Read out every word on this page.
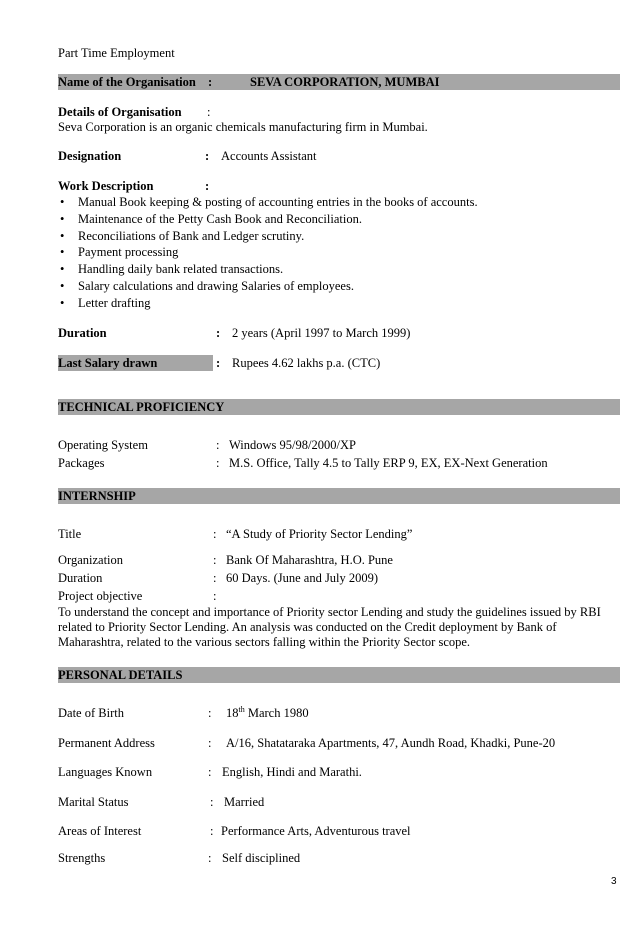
Part Time Employment
Name of the Organisation :	SEVA CORPORATION, MUMBAI
Details of Organisation :
Seva Corporation is an organic chemicals manufacturing firm in Mumbai.
Designation	: Accounts Assistant
Work Description	:
• Manual Book keeping & posting of accounting entries in the books of accounts.
• Maintenance of the Petty Cash Book and Reconciliation.
• Reconciliations of Bank and Ledger scrutiny.
• Payment processing
• Handling daily bank related transactions.
• Salary calculations and drawing Salaries of employees.
• Letter drafting
Duration	: 2 years (April 1997 to March 1999)
Last Salary drawn	: Rupees 4.62 lakhs p.a. (CTC)
TECHNICAL PROFICIENCY
Operating System	: Windows 95/98/2000/XP
Packages	: M.S. Office, Tally 4.5 to Tally ERP 9, EX, EX-Next Generation
INTERNSHIP
Title	: “A Study of Priority Sector Lending”
Organization	: Bank Of Maharashtra, H.O. Pune
Duration	: 60 Days. (June and July 2009)
Project objective	:
To understand the concept and importance of Priority sector Lending and study the guidelines issued by RBI related to Priority Sector Lending. An analysis was conducted on the Credit deployment by Bank of Maharashtra, related to the various sectors falling within the Priority Sector scope.
PERSONAL DETAILS
Date of Birth	: 18th March 1980
Permanent Address	: A/16, Shatataraka Apartments, 47, Aundh Road, Khadki, Pune-20
Languages Known	: English, Hindi and Marathi.
Marital Status	: Married
Areas of Interest	: Performance Arts, Adventurous travel
Strengths	: Self disciplined
3
